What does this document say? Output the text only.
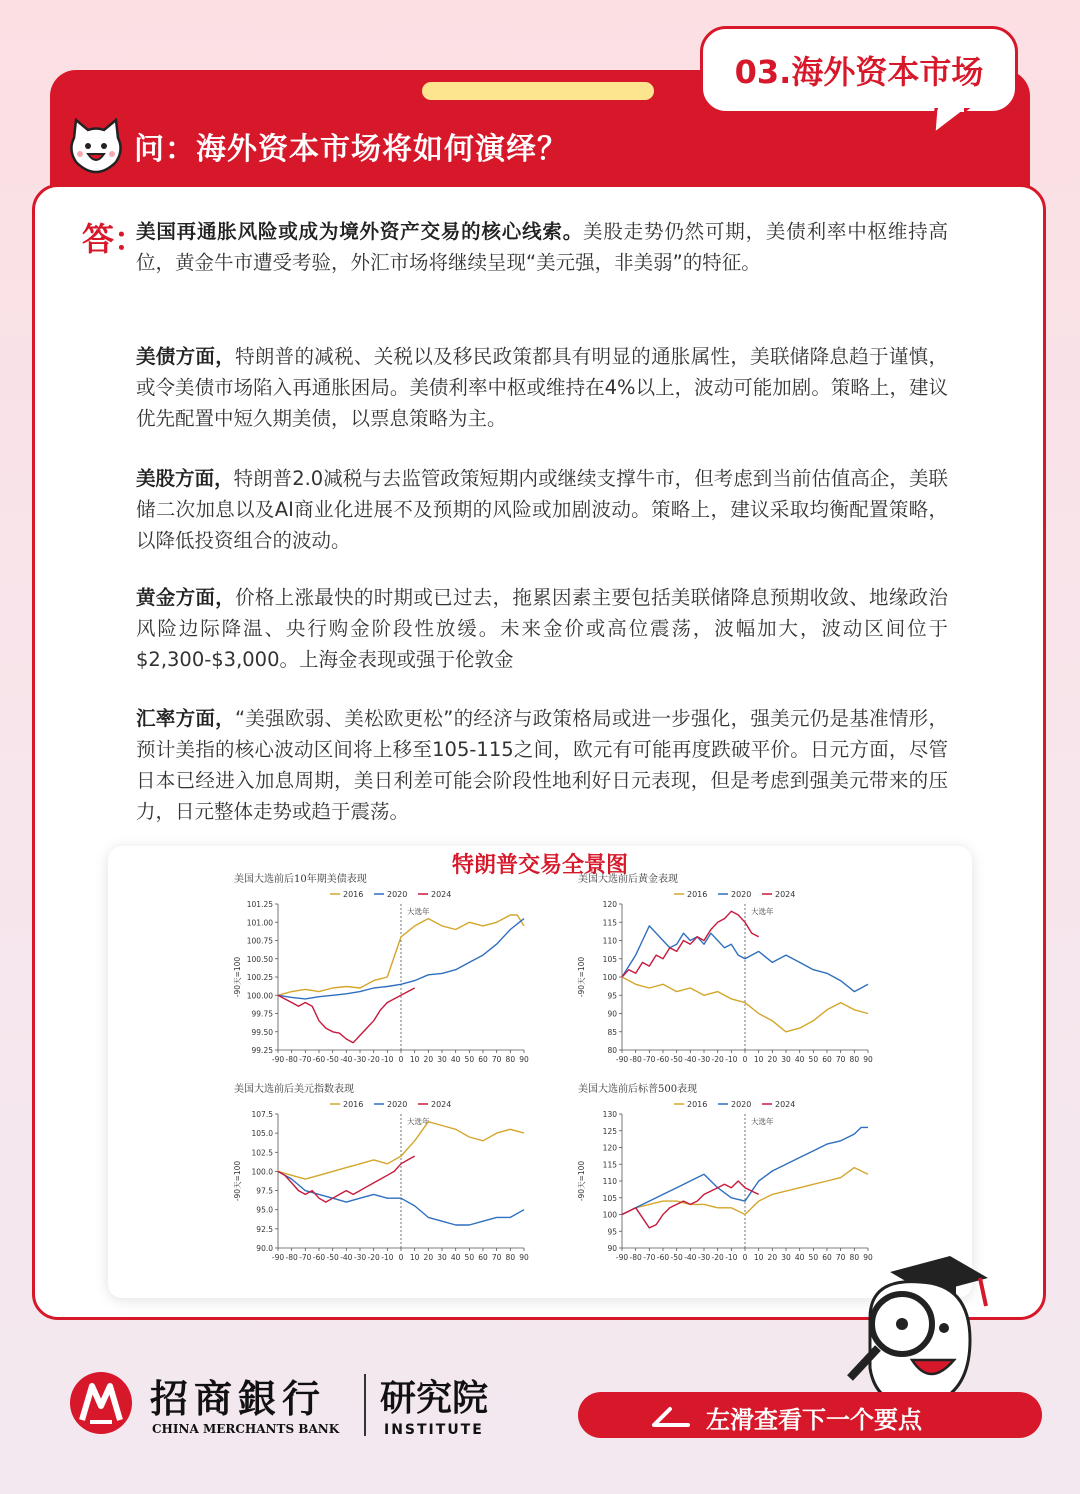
问：海外资本市场将如何演绎？
03.海外资本市场
答：
美国再通胀风险或成为境外资产交易的核心线索。美股走势仍然可期，美债利率中枢维持高位，黄金牛市遭受考验，外汇市场将继续呈现“美元强，非美弱”的特征。
美债方面，特朗普的减税、关税以及移民政策都具有明显的通胀属性，美联储降息趋于谨慎，或令美债市场陷入再通胀困局。美债利率中枢或维持在4%以上，波动可能加剧。策略上，建议优先配置中短久期美债，以票息策略为主。
美股方面，特朗普2.0减税与去监管政策短期内或继续支撑牛市，但考虑到当前估值高企，美联储二次加息以及AI商业化进展不及预期的风险或加剧波动。策略上，建议采取均衡配置策略，以降低投资组合的波动。
黄金方面，价格上涨最快的时期或已过去，拖累因素主要包括美联储降息预期收敛、地缘政治风险边际降温、央行购金阶段性放缓。未来金价或高位震荡，波幅加大，波动区间位于$2,300-$3,000。上海金表现或强于伦敦金
汇率方面，“美强欧弱、美松欧更松”的经济与政策格局或进一步强化，强美元仍是基准情形，预计美指的核心波动区间将上移至105-115之间，欧元有可能再度跌破平价。日元方面，尽管日本已经进入加息周期，美日利差可能会阶段性地利好日元表现，但是考虑到强美元带来的压力，日元整体走势或趋于震荡。
特朗普交易全景图
美国大选前后10年期美债表现
2016	2020	2024
101.25
101.00
100.75
100.50
100.25
100.00
99.75
99.50
99.25
-90天=100
-90 -80 -70 -60 -50 -40 -30 -20 -10 0 10 20 30 40 50 60 70 80 90
大选年
美国大选前后黄金表现
2016	2020	2024
120
115
110
105
100
95
90
85
80
-90天=100
-90 -80 -70 -60 -50 -40 -30 -20 -10 0 10 20 30 40 50 60 70 80 90
大选年
美国大选前后美元指数表现
2016	2020	2024
107.5
105.0
102.5
100.0
97.5
95.0
92.5
90.0
-90天=100
-90 -80 -70 -60 -50 -40 -30 -20 -10 0 10 20 30 40 50 60 70 80 90
大选年
美国大选前后标普500表现
2016	2020	2024
130
125
120
115
110
105
100
95
90
-90天=100
-90 -80 -70 -60 -50 -40 -30 -20 -10 0 10 20 30 40 50 60 70 80 90
大选年
招商銀行
CHINA MERCHANTS BANK
研究院
INSTITUTE	左滑查看下一个要点
